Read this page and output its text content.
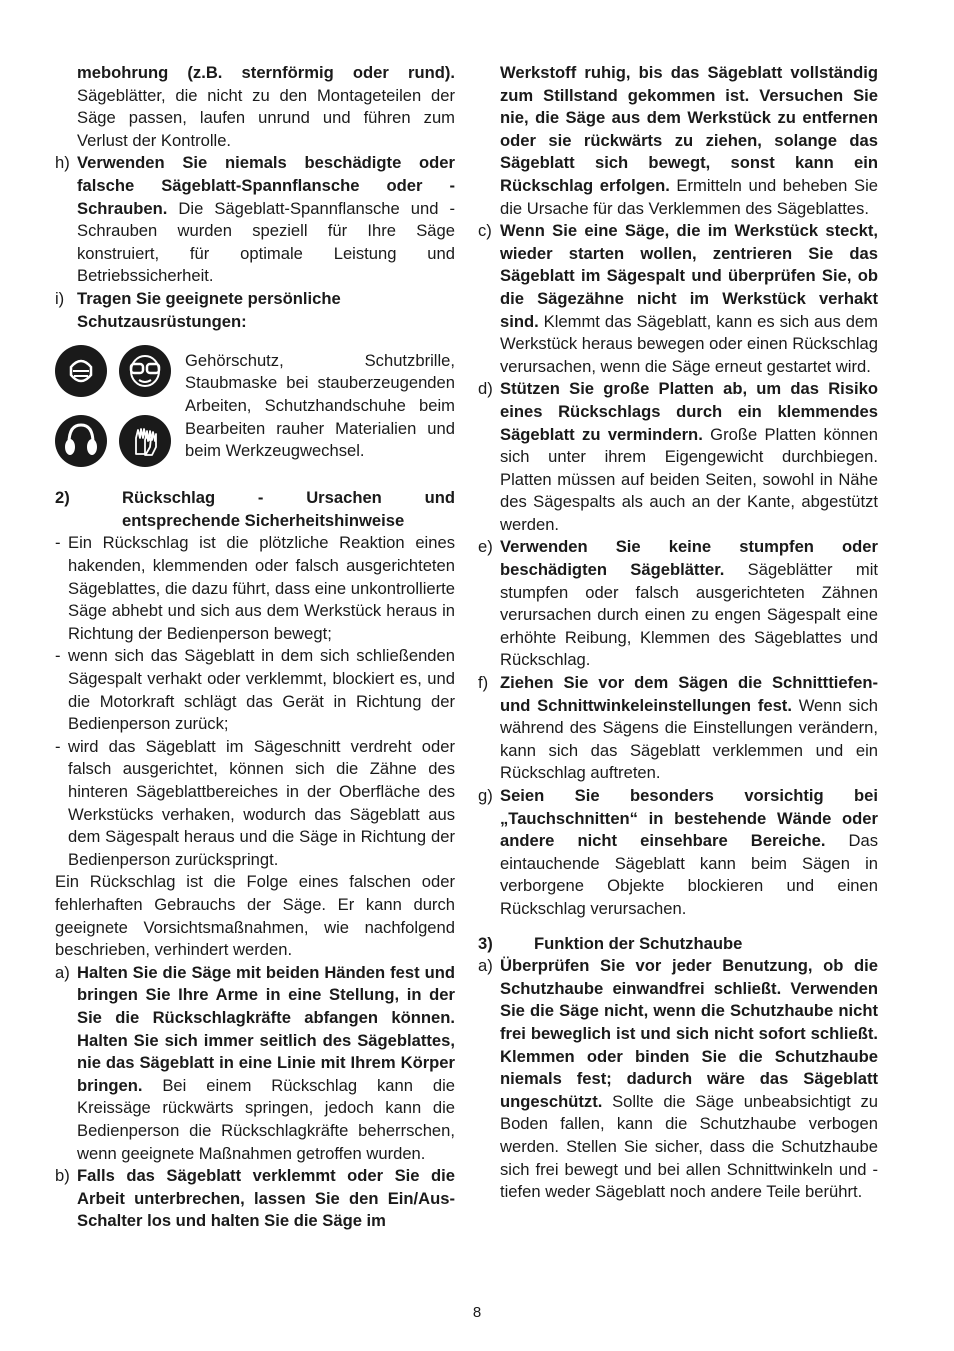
mebohrung (z.B. sternförmig oder rund). Sägeblätter, die nicht zu den Montageteilen der Säge passen, laufen unrund und führen zum Verlust der Kontrolle.

h) Verwenden Sie niemals beschädigte oder falsche Sägeblatt-Spannflansche oder -Schrauben. Die Sägeblatt-Spannflansche und -Schrauben wurden speziell für Ihre Säge konstruiert, für optimale Leistung und Betriebssicherheit.

i) Tragen Sie geeignete persönliche Schutzausrüstungen:

Gehörschutz, Schutzbrille, Staubmaske bei stauberzeugenden Arbeiten, Schutzhandschuhe beim Bearbeiten rauher Materialien und beim Werkzeugwechsel.

2)	Rückschlag - Ursachen und entsprechende Sicherheitshinweise

- Ein Rückschlag ist die plötzliche Reaktion eines hakenden, klemmenden oder falsch ausgerichteten Sägeblattes, die dazu führt, dass eine unkontrollierte Säge abhebt und sich aus dem Werkstück heraus in Richtung der Bedienperson bewegt;

- wenn sich das Sägeblatt in dem sich schließenden Sägespalt verhakt oder verklemmt, blockiert es, und die Motorkraft schlägt das Gerät in Richtung der Bedienperson zurück;

- wird das Sägeblatt im Sägeschnitt verdreht oder falsch ausgerichtet, können sich die Zähne des hinteren Sägeblattbereiches in der Oberfläche des Werkstücks verhaken, wodurch das Sägeblatt aus dem Sägespalt heraus und die Säge in Richtung der Bedienperson zurückspringt.

Ein Rückschlag ist die Folge eines falschen oder fehlerhaften Gebrauchs der Säge. Er kann durch geeignete Vorsichtsmaßnahmen, wie nachfolgend beschrieben, verhindert werden.

a) Halten Sie die Säge mit beiden Händen fest und bringen Sie Ihre Arme in eine Stellung, in der Sie die Rückschlagkräfte abfangen können. Halten Sie sich immer seitlich des Sägeblattes, nie das Sägeblatt in eine Linie mit Ihrem Körper bringen. Bei einem Rückschlag kann die Kreissäge rückwärts springen, jedoch kann die Bedienperson die Rückschlagkräfte beherrschen, wenn geeignete Maßnahmen getroffen wurden.

b) Falls das Sägeblatt verklemmt oder Sie die Arbeit unterbrechen, lassen Sie den Ein/Aus-Schalter los und halten Sie die Säge im

Werkstoff ruhig, bis das Sägeblatt vollständig zum Stillstand gekommen ist. Versuchen Sie nie, die Säge aus dem Werkstück zu entfernen oder sie rückwärts zu ziehen, solange das Sägeblatt sich bewegt, sonst kann ein Rückschlag erfolgen. Ermitteln und beheben Sie die Ursache für das Verklemmen des Sägeblattes.

c) Wenn Sie eine Säge, die im Werkstück steckt, wieder starten wollen, zentrieren Sie das Sägeblatt im Sägespalt und überprüfen Sie, ob die Sägezähne nicht im Werkstück verhakt sind. Klemmt das Sägeblatt, kann es sich aus dem Werkstück heraus bewegen oder einen Rückschlag verursachen, wenn die Säge erneut gestartet wird.

d) Stützen Sie große Platten ab, um das Risiko eines Rückschlags durch ein klemmendes Sägeblatt zu vermindern. Große Platten können sich unter ihrem Eigengewicht durchbiegen. Platten müssen auf beiden Seiten, sowohl in Nähe des Sägespalts als auch an der Kante, abgestützt werden.

e) Verwenden Sie keine stumpfen oder beschädigten Sägeblätter. Sägeblätter mit stumpfen oder falsch ausgerichteten Zähnen verursachen durch einen zu engen Sägespalt eine erhöhte Reibung, Klemmen des Sägeblattes und Rückschlag.

f) Ziehen Sie vor dem Sägen die Schnitttiefen- und Schnittwinkeleinstellungen fest. Wenn sich während des Sägens die Einstellungen verändern, kann sich das Sägeblatt verklemmen und ein Rückschlag auftreten.

g) Seien Sie besonders vorsichtig bei „Tauchschnitten“ in bestehende Wände oder andere nicht einsehbare Bereiche. Das eintauchende Sägeblatt kann beim Sägen in verborgene Objekte blockieren und einen Rückschlag verursachen.

3)	Funktion der Schutzhaube

a) Überprüfen Sie vor jeder Benutzung, ob die Schutzhaube einwandfrei schließt. Verwenden Sie die Säge nicht, wenn die Schutzhaube nicht frei beweglich ist und sich nicht sofort schließt. Klemmen oder binden Sie die Schutzhaube niemals fest; dadurch wäre das Sägeblatt ungeschützt. Sollte die Säge unbeabsichtigt zu Boden fallen, kann die Schutzhaube verbogen werden. Stellen Sie sicher, dass die Schutzhaube sich frei bewegt und bei allen Schnittwinkeln und -tiefen weder Sägeblatt noch andere Teile berührt.

8
